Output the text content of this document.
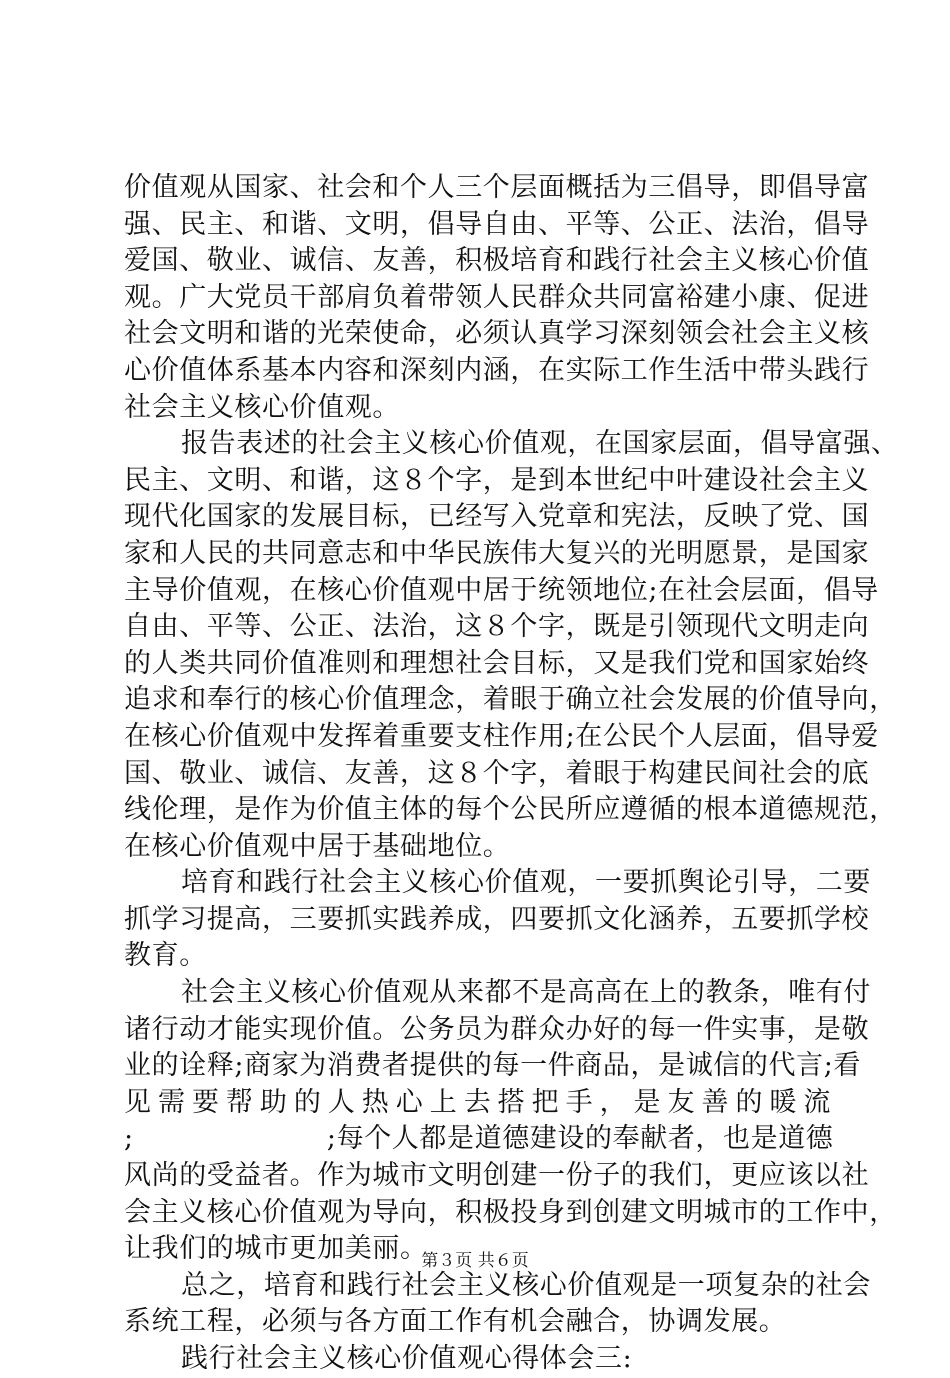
价值观从国家、社会和个人三个层面概括为三倡导，即倡导富
强、民主、和谐、文明，倡导自由、平等、公正、法治，倡导
爱国、敬业、诚信、友善，积极培育和践行社会主义核心价值
观。广大党员干部肩负着带领人民群众共同富裕建小康、促进
社会文明和谐的光荣使命，必须认真学习深刻领会社会主义核
心价值体系基本内容和深刻内涵，在实际工作生活中带头践行
社会主义核心价值观。
报告表述的社会主义核心价值观，在国家层面，倡导富强、
民主、文明、和谐，这８个字，是到本世纪中叶建设社会主义
现代化国家的发展目标，已经写入党章和宪法，反映了党、国
家和人民的共同意志和中华民族伟大复兴的光明愿景，是国家
主导价值观，在核心价值观中居于统领地位;在社会层面，倡导
自由、平等、公正、法治，这８个字，既是引领现代文明走向
的人类共同价值准则和理想社会目标，又是我们党和国家始终
追求和奉行的核心价值理念，着眼于确立社会发展的价值导向，
在核心价值观中发挥着重要支柱作用;在公民个人层面，倡导爱
国、敬业、诚信、友善，这８个字，着眼于构建民间社会的底
线伦理，是作为价值主体的每个公民所应遵循的根本道德规范，
在核心价值观中居于基础地位。
培育和践行社会主义核心价值观，一要抓舆论引导，二要
抓学习提高，三要抓实践养成，四要抓文化涵养，五要抓学校
教育。
社会主义核心价值观从来都不是高高在上的教条，唯有付
诸行动才能实现价值。公务员为群众办好的每一件实事，是敬
业的诠释;商家为消费者提供的每一件商品，是诚信的代言;看
见需要帮助的人热心上去搭把手，是友善的暖流
;　　　　　　　;每个人都是道德建设的奉献者，也是道德
风尚的受益者。作为城市文明创建一份子的我们，更应该以社
会主义核心价值观为导向，积极投身到创建文明城市的工作中，
让我们的城市更加美丽。
总之，培育和践行社会主义核心价值观是一项复杂的社会
系统工程，必须与各方面工作有机会融合，协调发展。
践行社会主义核心价值观心得体会三:
第３页 共６页
